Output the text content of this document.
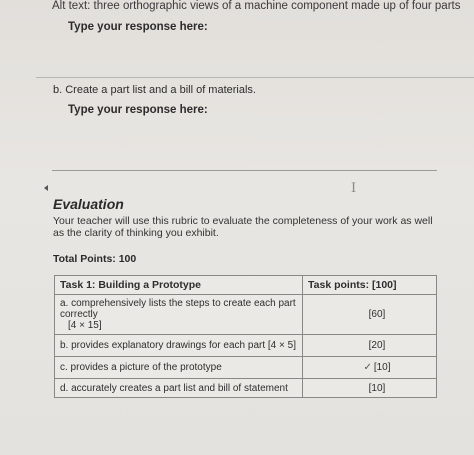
Alt text: three orthographic views of a machine component made up of four parts
Type your response here:
b. Create a part list and a bill of materials.
Type your response here:
I
Evaluation
Your teacher will use this rubric to evaluate the completeness of your work as well as the clarity of thinking you exhibit.
Total Points: 100
Task 1: Building a Prototype	Task points: [100]

a. comprehensively lists the steps to create each part correctly
[4 × 15]	[60]
b. provides explanatory drawings for each part [4 × 5]	[20]
c. provides a picture of the prototype	✓ [10]
d. accurately creates a part list and bill of statement	[10]
